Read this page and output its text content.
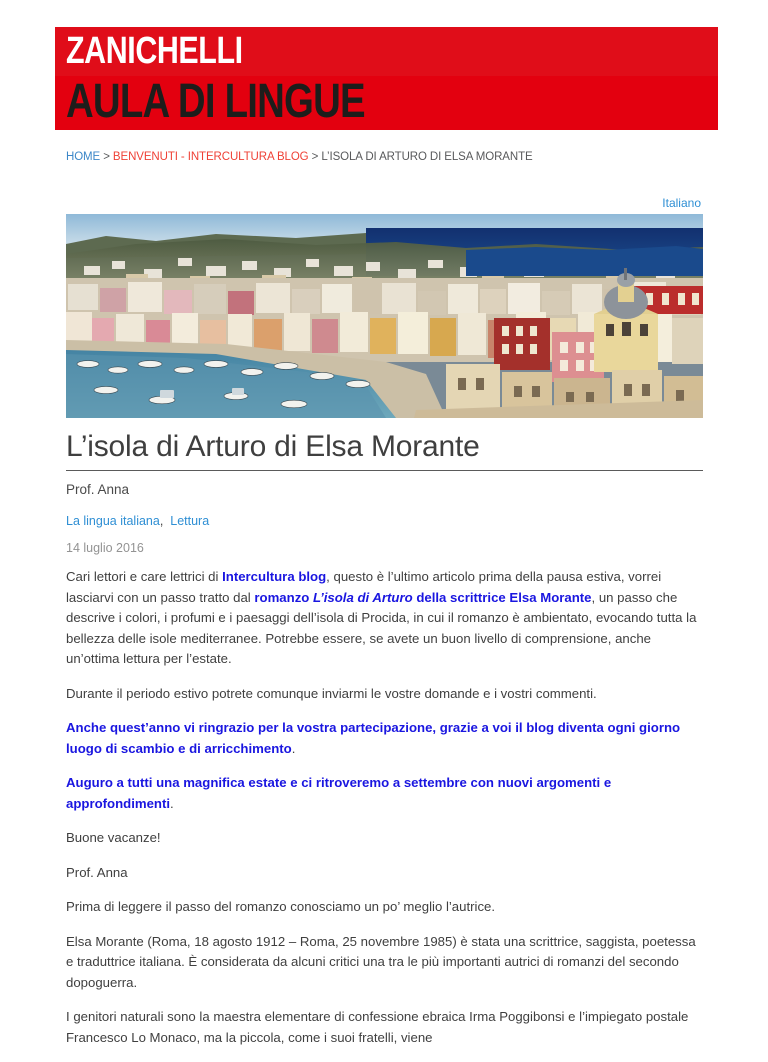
ZANICHELLI
AULA DI LINGUE
HOME > BENVENUTI - INTERCULTURA BLOG > L’ISOLA DI ARTURO DI ELSA MORANTE
Italiano
L’isola di Arturo di Elsa Morante
Prof. Anna
La lingua italiana,  Lettura
14 luglio 2016

Cari lettori e care lettrici di Intercultura blog, questo è l’ultimo articolo prima della pausa estiva, vorrei lasciarvi con un passo tratto dal romanzo L’isola di Arturo della scrittrice Elsa Morante, un passo che descrive i colori, i profumi e i paesaggi dell’isola di Procida, in cui il romanzo è ambientato, evocando tutta la bellezza delle isole mediterranee. Potrebbe essere, se avete un buon livello di comprensione, anche un’ottima lettura per l’estate.

Durante il periodo estivo potrete comunque inviarmi le vostre domande e i vostri commenti.

Anche quest’anno vi ringrazio per la vostra partecipazione, grazie a voi il blog diventa ogni giorno luogo di scambio e di arricchimento.

Auguro a tutti una magnifica estate e ci ritroveremo a settembre con nuovi argomenti e approfondimenti.

Buone vacanze!

Prof. Anna

Prima di leggere il passo del romanzo conosciamo un po’ meglio l’autrice.

Elsa Morante (Roma, 18 agosto 1912 – Roma, 25 novembre 1985) è stata una scrittrice, saggista, poetessa e traduttrice italiana. È considerata da alcuni critici una tra le più importanti autrici di romanzi del secondo dopoguerra.

I genitori naturali sono la maestra elementare di confessione ebraica Irma Poggibonsi e l’impiegato postale Francesco Lo Monaco, ma la piccola, come i suoi fratelli, viene
